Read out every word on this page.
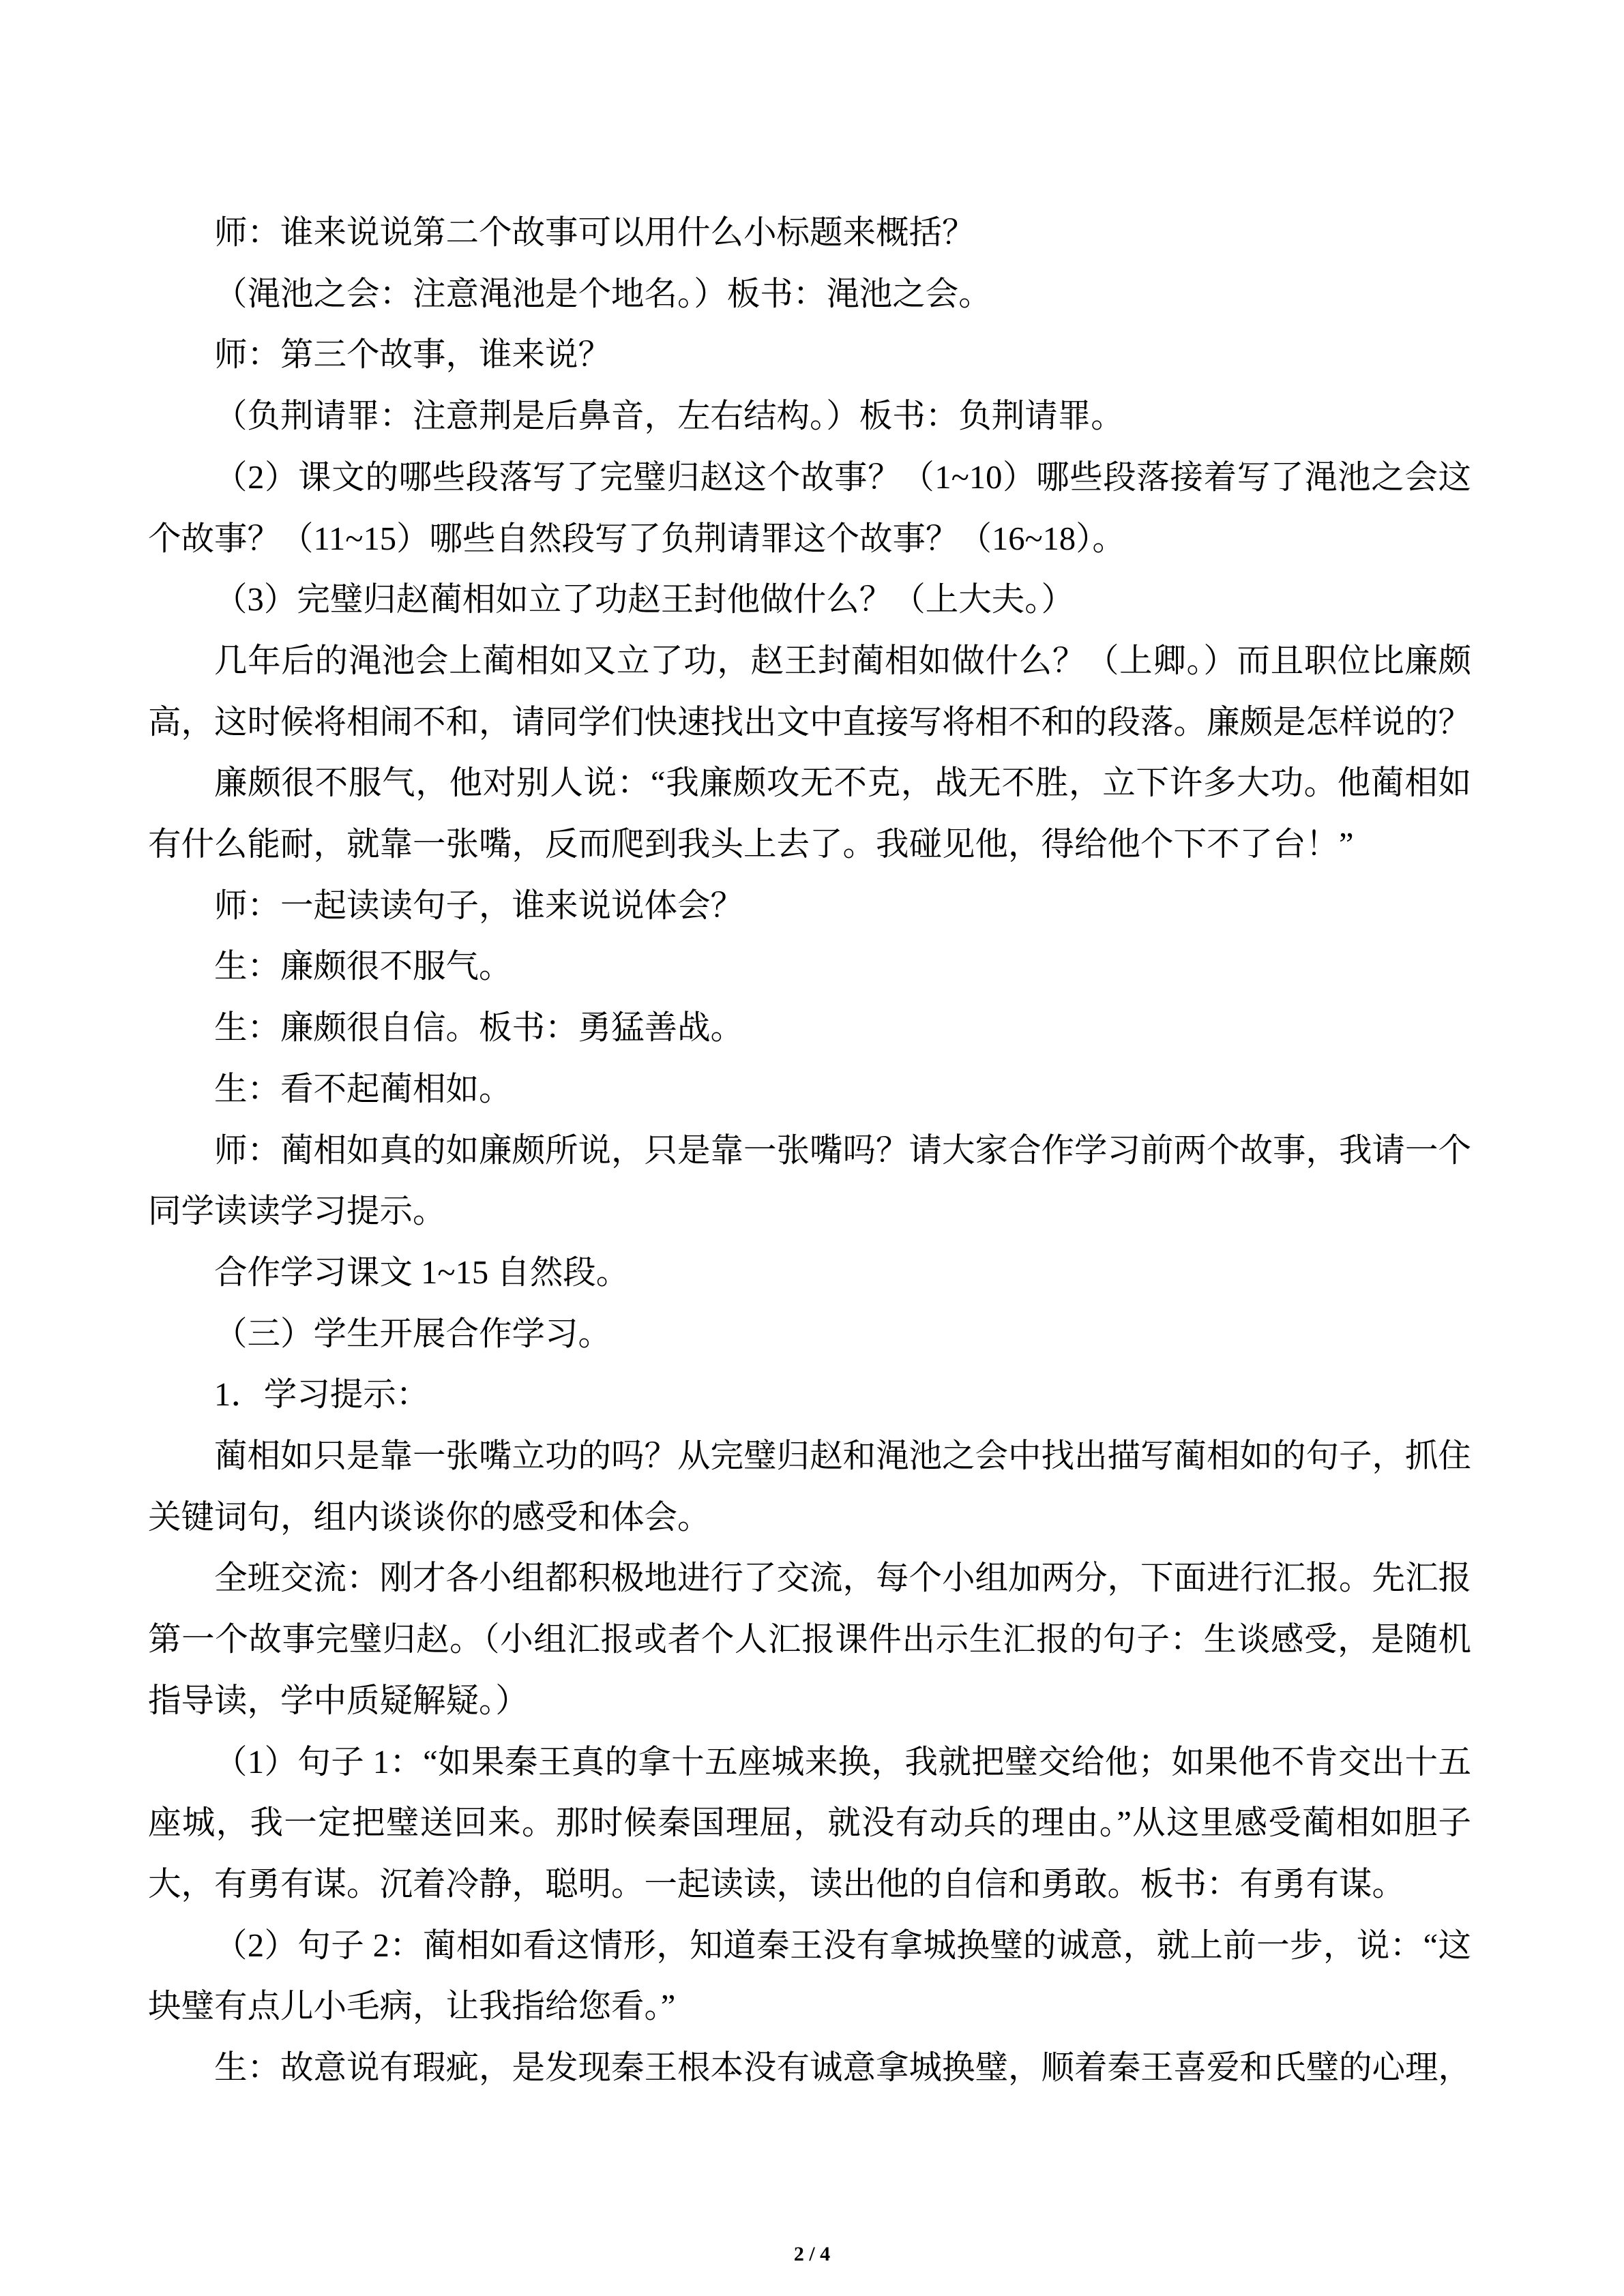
师：谁来说说第二个故事可以用什么小标题来概括？

（渑池之会：注意渑池是个地名。）板书：渑池之会。

师：第三个故事，谁来说？

（负荆请罪：注意荆是后鼻音，左右结构。）板书：负荆请罪。

（2）课文的哪些段落写了完璧归赵这个故事？（1~10）哪些段落接着写了渑池之会这个故事？（11~15）哪些自然段写了负荆请罪这个故事？（16~18）。

（3）完璧归赵蔺相如立了功赵王封他做什么？（上大夫。）

几年后的渑池会上蔺相如又立了功，赵王封蔺相如做什么？（上卿。）而且职位比廉颇高，这时候将相闹不和，请同学们快速找出文中直接写将相不和的段落。廉颇是怎样说的？

廉颇很不服气，他对别人说：“我廉颇攻无不克，战无不胜，立下许多大功。他蔺相如有什么能耐，就靠一张嘴，反而爬到我头上去了。我碰见他，得给他个下不了台！”

师：一起读读句子，谁来说说体会？

生：廉颇很不服气。

生：廉颇很自信。板书：勇猛善战。

生：看不起蔺相如。

师：蔺相如真的如廉颇所说，只是靠一张嘴吗？请大家合作学习前两个故事，我请一个同学读读学习提示。

合作学习课文 1~15 自然段。

（三）学生开展合作学习。

1．学习提示：

蔺相如只是靠一张嘴立功的吗？从完璧归赵和渑池之会中找出描写蔺相如的句子，抓住关键词句，组内谈谈你的感受和体会。

全班交流：刚才各小组都积极地进行了交流，每个小组加两分，下面进行汇报。先汇报第一个故事完璧归赵。（小组汇报或者个人汇报课件出示生汇报的句子：生谈感受，是随机指导读，学中质疑解疑。）

（1）句子 1：“如果秦王真的拿十五座城来换，我就把璧交给他；如果他不肯交出十五座城，我一定把璧送回来。那时候秦国理屈，就没有动兵的理由。”从这里感受蔺相如胆子大，有勇有谋。沉着冷静，聪明。一起读读，读出他的自信和勇敢。板书：有勇有谋。

（2）句子 2：蔺相如看这情形，知道秦王没有拿城换璧的诚意，就上前一步，说：“这块璧有点儿小毛病，让我指给您看。”

生：故意说有瑕疵，是发现秦王根本没有诚意拿城换璧，顺着秦王喜爱和氏璧的心理，

2 / 4
